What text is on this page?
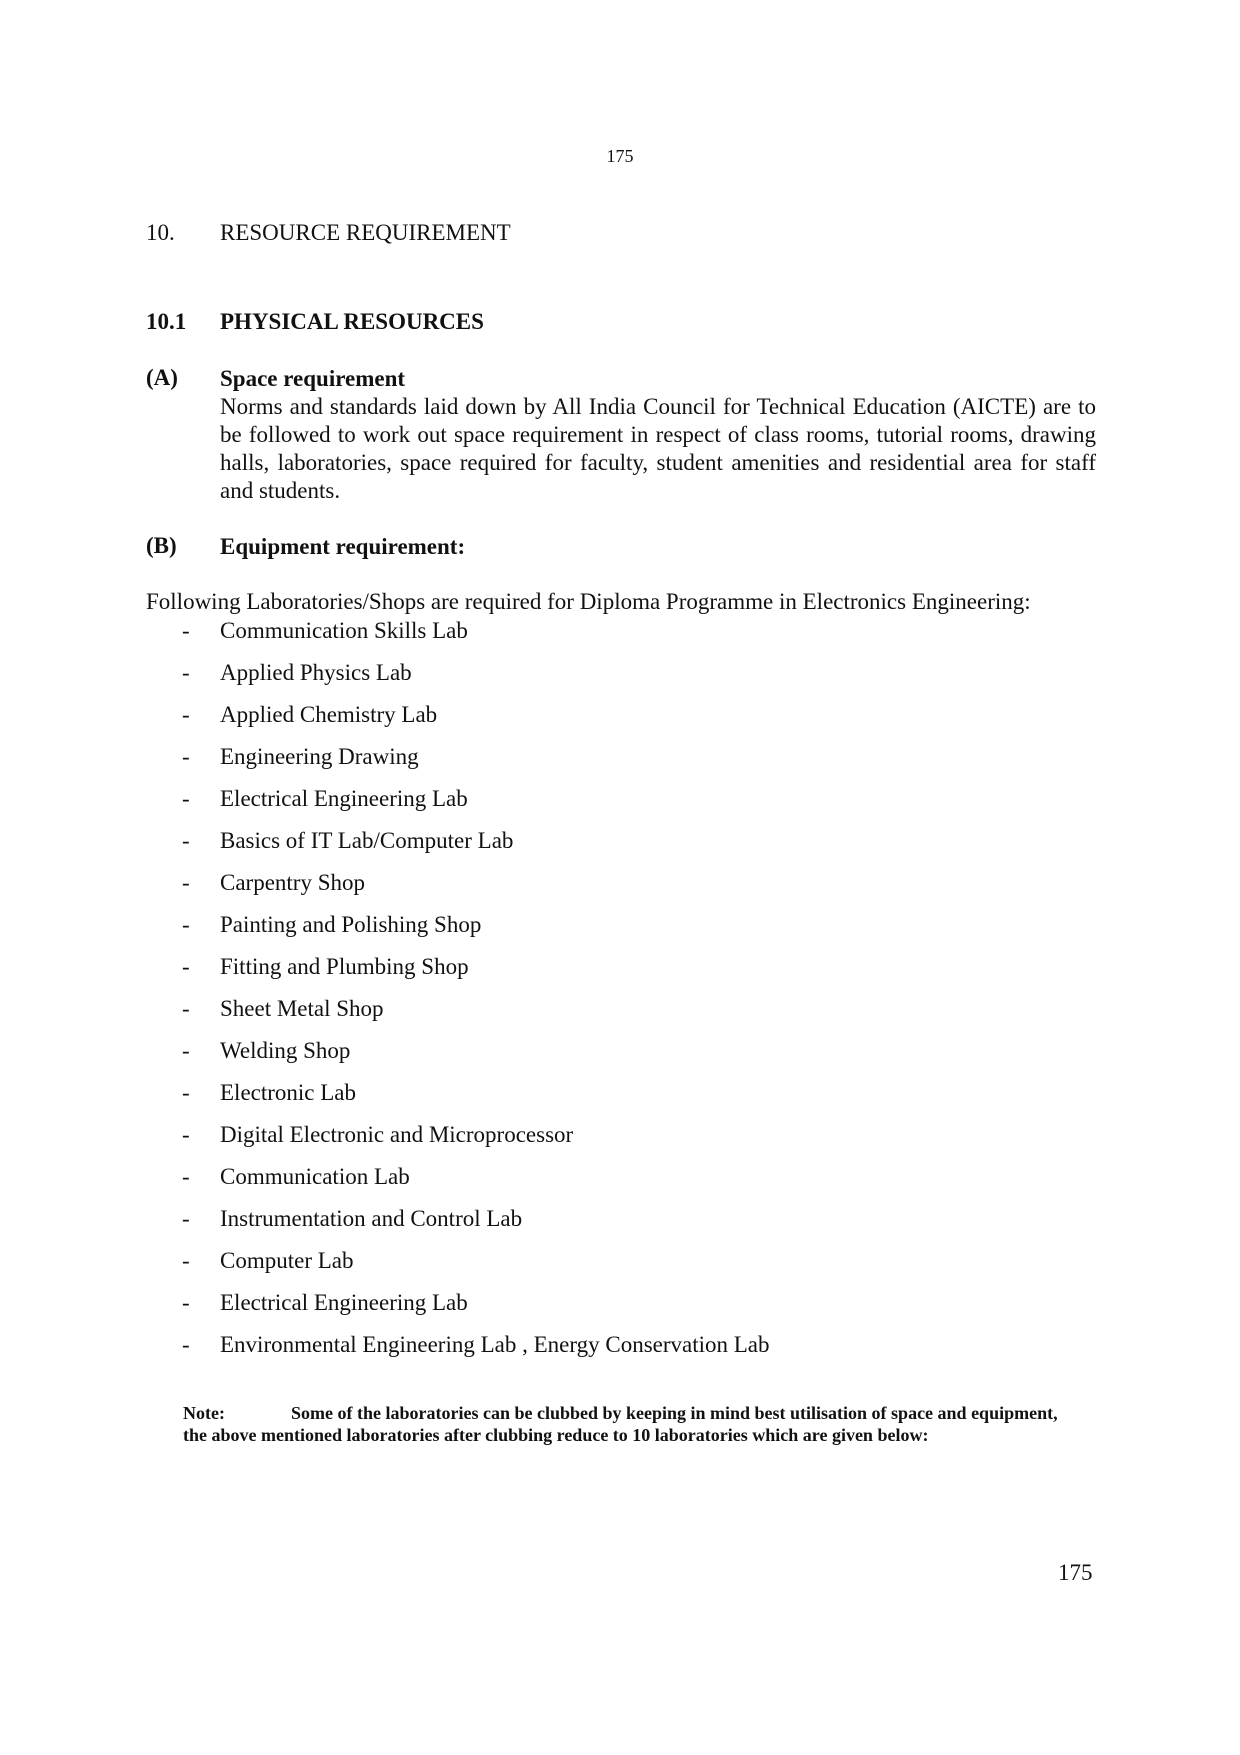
175
10. RESOURCE REQUIREMENT
10.1 PHYSICAL RESOURCES
(A) Space requirement
Norms and standards laid down by All India Council for Technical Education (AICTE) are to be followed to work out space requirement in respect of class rooms, tutorial rooms, drawing halls, laboratories, space required for faculty, student amenities and residential area for staff and students.
(B) Equipment requirement:
Following Laboratories/Shops are required for Diploma Programme in Electronics Engineering:
- Communication Skills Lab
- Applied Physics Lab
- Applied Chemistry Lab
- Engineering Drawing
- Electrical Engineering Lab
- Basics of IT Lab/Computer Lab
- Carpentry Shop
- Painting and Polishing Shop
- Fitting and Plumbing Shop
- Sheet Metal Shop
- Welding Shop
- Electronic Lab
- Digital Electronic and Microprocessor
- Communication Lab
- Instrumentation and Control Lab
- Computer Lab
- Electrical Engineering Lab
- Environmental Engineering Lab , Energy Conservation Lab
Note:	Some of the laboratories can be clubbed by keeping in mind best utilisation of space and equipment, the above mentioned laboratories after clubbing reduce to 10 laboratories which are given below:
175
